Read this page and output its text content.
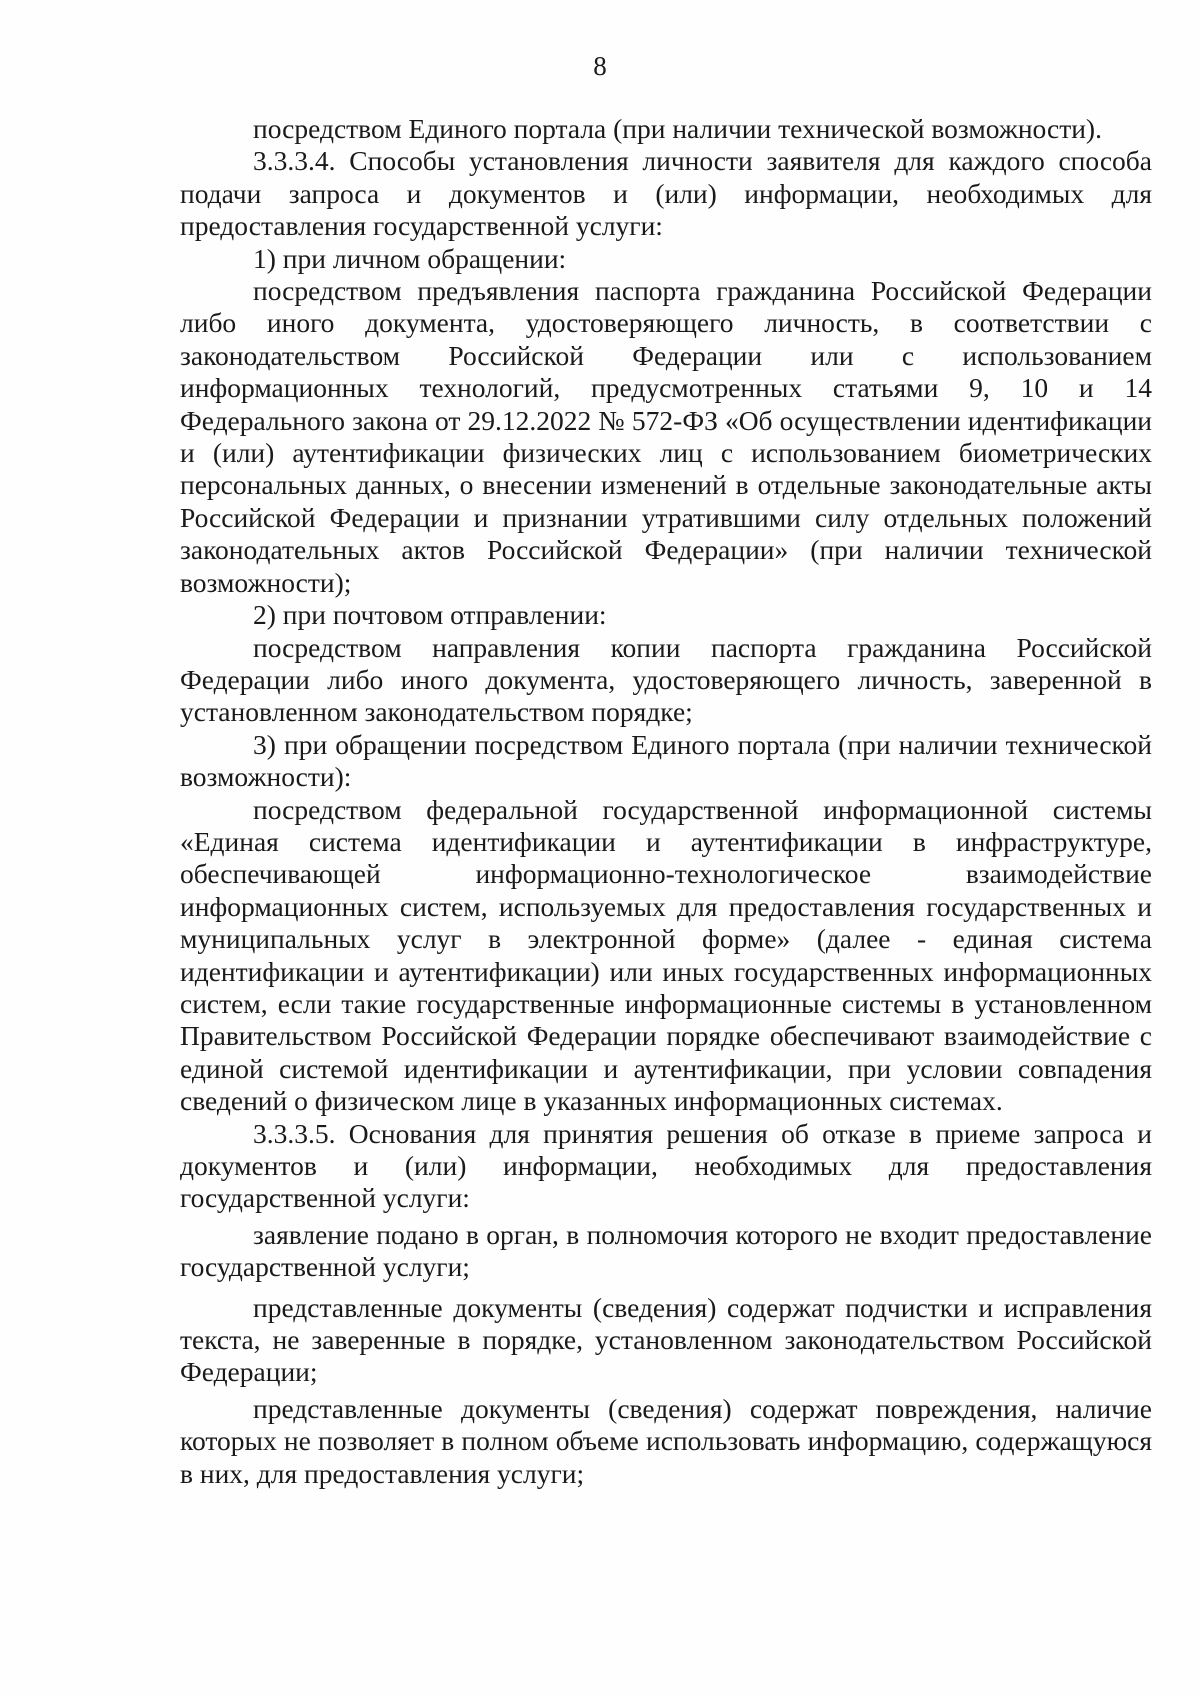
8

посредством Единого портала (при наличии технической возможности).

3.3.3.4. Способы установления личности заявителя для каждого способа подачи запроса и документов и (или) информации, необходимых для предоставления государственной услуги:

1) при личном обращении:

посредством предъявления паспорта гражданина Российской Федерации либо иного документа, удостоверяющего личность, в соответствии с законодательством Российской Федерации или с использованием информационных технологий, предусмотренных статьями 9, 10 и 14 Федерального закона от 29.12.2022 № 572-ФЗ «Об осуществлении идентификации и (или) аутентификации физических лиц с использованием биометрических персональных данных, о внесении изменений в отдельные законодательные акты Российской Федерации и признании утратившими силу отдельных положений законодательных актов Российской Федерации» (при наличии технической возможности);

2) при почтовом отправлении:

посредством направления копии паспорта гражданина Российской Федерации либо иного документа, удостоверяющего личность, заверенной в установленном законодательством порядке;

3) при обращении посредством Единого портала (при наличии технической возможности):

посредством федеральной государственной информационной системы «Единая система идентификации и аутентификации в инфраструктуре, обеспечивающей информационно-технологическое взаимодействие информационных систем, используемых для предоставления государственных и муниципальных услуг в электронной форме» (далее - единая система идентификации и аутентификации) или иных государственных информационных систем, если такие государственные информационные системы в установленном Правительством Российской Федерации порядке обеспечивают взаимодействие с единой системой идентификации и аутентификации, при условии совпадения сведений о физическом лице в указанных информационных системах.

3.3.3.5. Основания для принятия решения об отказе в приеме запроса и документов и (или) информации, необходимых для предоставления государственной услуги:

заявление подано в орган, в полномочия которого не входит предоставление государственной услуги;

представленные документы (сведения) содержат подчистки и исправления текста, не заверенные в порядке, установленном законодательством Российской Федерации;

представленные документы (сведения) содержат повреждения, наличие которых не позволяет в полном объеме использовать информацию, содержащуюся в них, для предоставления услуги;
